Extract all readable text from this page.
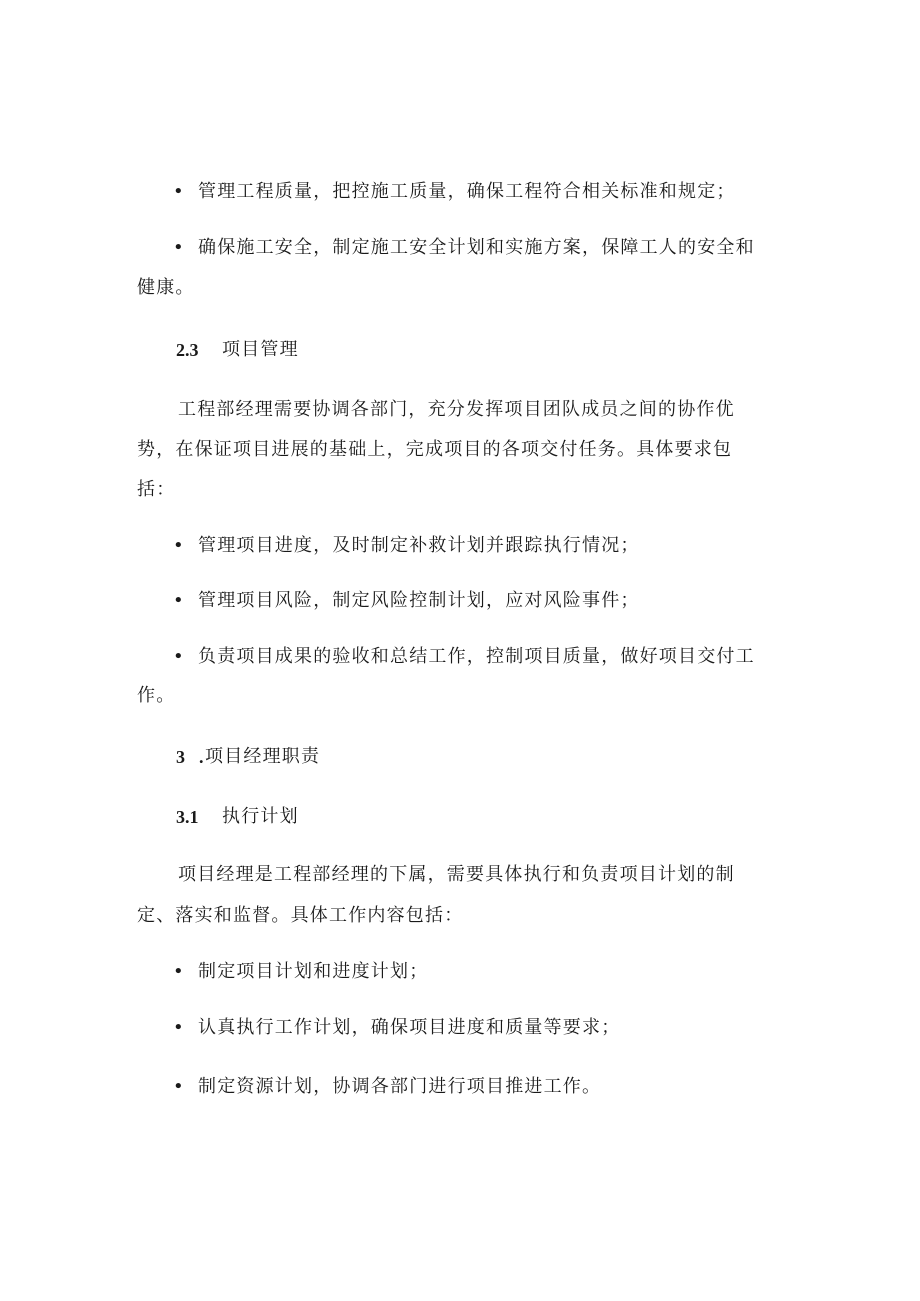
• 管理工程质量，把控施工质量，确保工程符合相关标准和规定；
• 确保施工安全，制定施工安全计划和实施方案，保障工人的安全和
健康。
2.3 项目管理
工程部经理需要协调各部门，充分发挥项目团队成员之间的协作优
势，在保证项目进展的基础上，完成项目的各项交付任务。具体要求包
括：
• 管理项目进度，及时制定补救计划并跟踪执行情况；
• 管理项目风险，制定风险控制计划，应对风险事件；
• 负责项目成果的验收和总结工作，控制项目质量，做好项目交付工
作。
3 . 项目经理职责
3.1 执行计划
项目经理是工程部经理的下属，需要具体执行和负责项目计划的制
定、落实和监督。具体工作内容包括：
• 制定项目计划和进度计划；
• 认真执行工作计划，确保项目进度和质量等要求；
• 制定资源计划，协调各部门进行项目推进工作。
